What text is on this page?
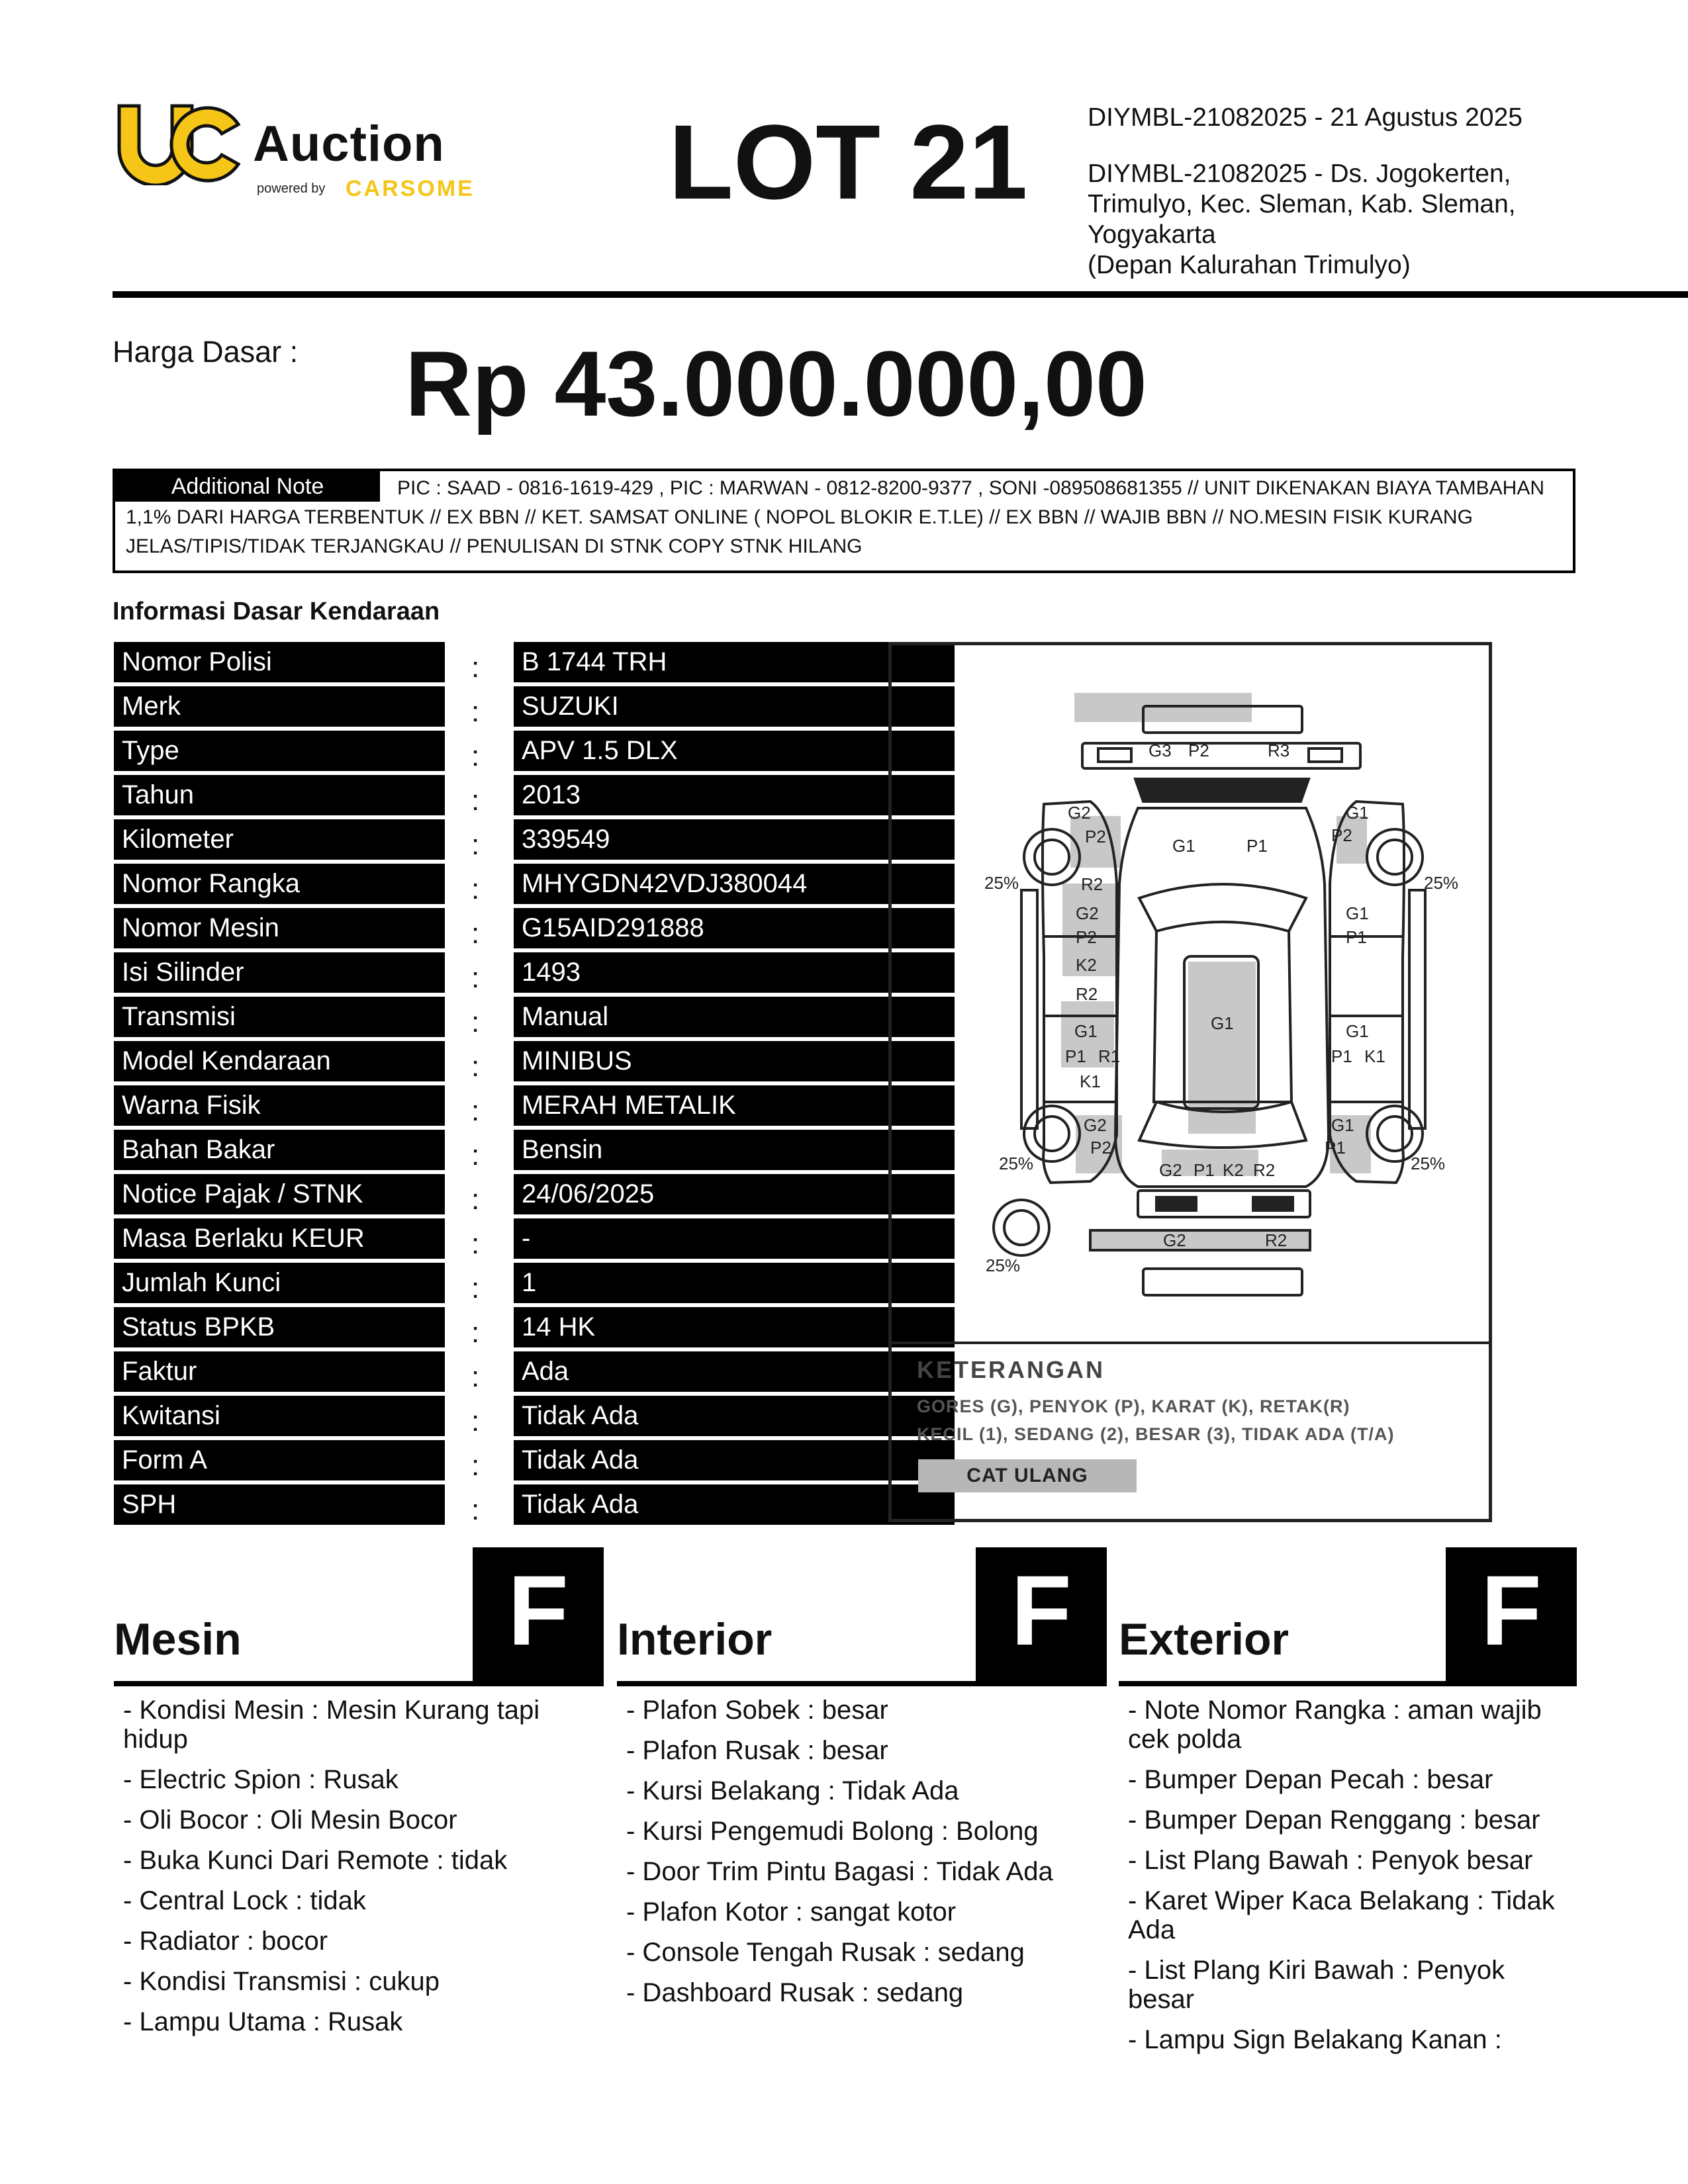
Auction
powered by CARSOME LOT 21 DIYMBL-21082025 - 21 Agustus 2025
DIYMBL-21082025 - Ds. Jogokerten,
Trimulyo, Kec. Sleman, Kab. Sleman,
Yogyakarta
(Depan Kalurahan Trimulyo)
Harga Dasar : Rp 43.000.000,00
PIC : SAAD - 0816-1619-429 , PIC : MARWAN - 0812-8200-9377 , SONI -089508681355 // UNIT DIKENAKAN BIAYA TAMBAHAN 1,1% DARI HARGA TERBENTUK // EX BBN // KET. SAMSAT ONLINE ( NOPOL BLOKIR E.T.LE) // EX BBN // WAJIB BBN // NO.MESIN FISIK KURANG JELAS/TIPIS/TIDAK TERJANGKAU // PENULISAN DI STNK COPY STNK HILANG
Additional Note
Informasi Dasar Kendaraan
Nomor Polisi	:	B 1744 TRH
Merk	:	SUZUKI
Type	:	APV 1.5 DLX
Tahun	:	2013
Kilometer	:	339549
Nomor Rangka	:	MHYGDN42VDJ380044
Nomor Mesin	:	G15AID291888
Isi Silinder	:	1493
Transmisi	:	Manual
Model Kendaraan	:	MINIBUS
Warna Fisik	:	MERAH METALIK
Bahan Bakar	:	Bensin
Notice Pajak / STNK	:	24/06/2025
Masa Berlaku KEUR	:	-
Jumlah Kunci	:	1
Status BPKB	:	14 HK
Faktur	:	Ada
Kwitansi	:	Tidak Ada
Form A	:	Tidak Ada
SPH	:	Tidak Ada
G3 P2	R3
G2
P2
R2
G1	P1
G1
P2
25%	25%
G2
P2
K2
R2
G1
P1
G1
G1
P1 R1
K1
G1
P1 K1
G2
P2
G1
P1
25%	25%
G2 P1 K2 R2
G2	R2
25%
KETERANGAN
GORES (G), PENYOK (P), KARAT (K), RETAK(R)
KECIL (1), SEDANG (2), BESAR (3), TIDAK ADA (T/A)
CAT ULANG
Mesin	F	Interior	F	Exterior	F
- Kondisi Mesin : Mesin Kurang tapi hidup
- Electric Spion : Rusak
- Oli Bocor : Oli Mesin Bocor
- Buka Kunci Dari Remote : tidak
- Central Lock : tidak
- Radiator : bocor
- Kondisi Transmisi : cukup
- Lampu Utama : Rusak
- Plafon Sobek : besar
- Plafon Rusak : besar
- Kursi Belakang : Tidak Ada
- Kursi Pengemudi Bolong : Bolong
- Door Trim Pintu Bagasi : Tidak Ada
- Plafon Kotor : sangat kotor
- Console Tengah Rusak : sedang
- Dashboard Rusak : sedang
- Note Nomor Rangka : aman wajib cek polda
- Bumper Depan Pecah : besar
- Bumper Depan Renggang : besar
- List Plang Bawah : Penyok besar
- Karet Wiper Kaca Belakang : Tidak Ada
- List Plang Kiri Bawah : Penyok besar
- Lampu Sign Belakang Kanan :
